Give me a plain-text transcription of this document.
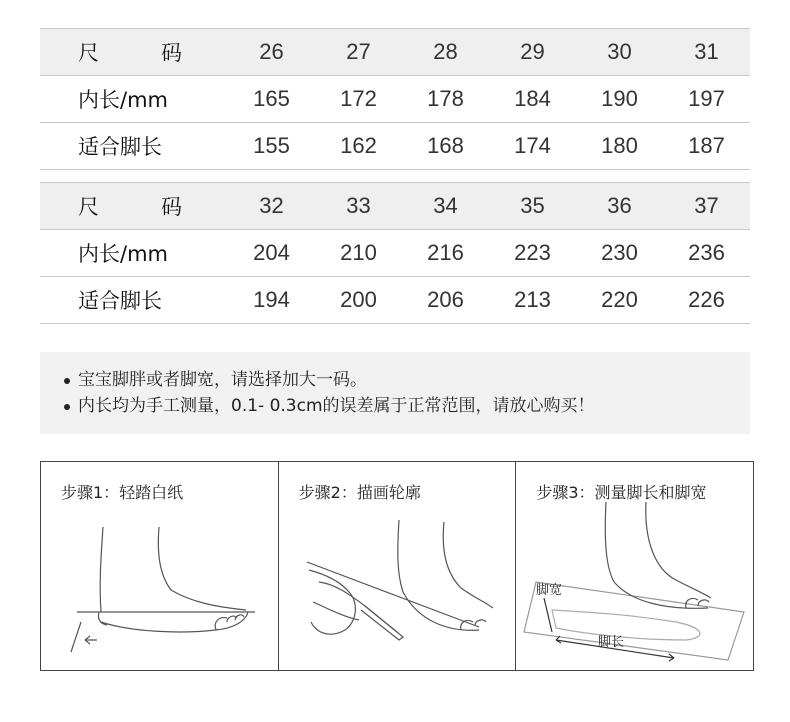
尺 码	26	27	28	29	30	31
内长/mm	165	172	178	184	190	197
适合脚长	155	162	168	174	180	187
尺 码	32	33	34	35	36	37
内长/mm	204	210	216	223	230	236
适合脚长	194	200	206	213	220	226
宝宝脚胖或者脚宽，请选择加大一码。
内长均为手工测量，0.1- 0.3cm的误差属于正常范围，请放心购买！
步骤1：轻踏白纸	步骤2：描画轮廓	步骤3：测量脚长和脚宽
脚宽
脚长
